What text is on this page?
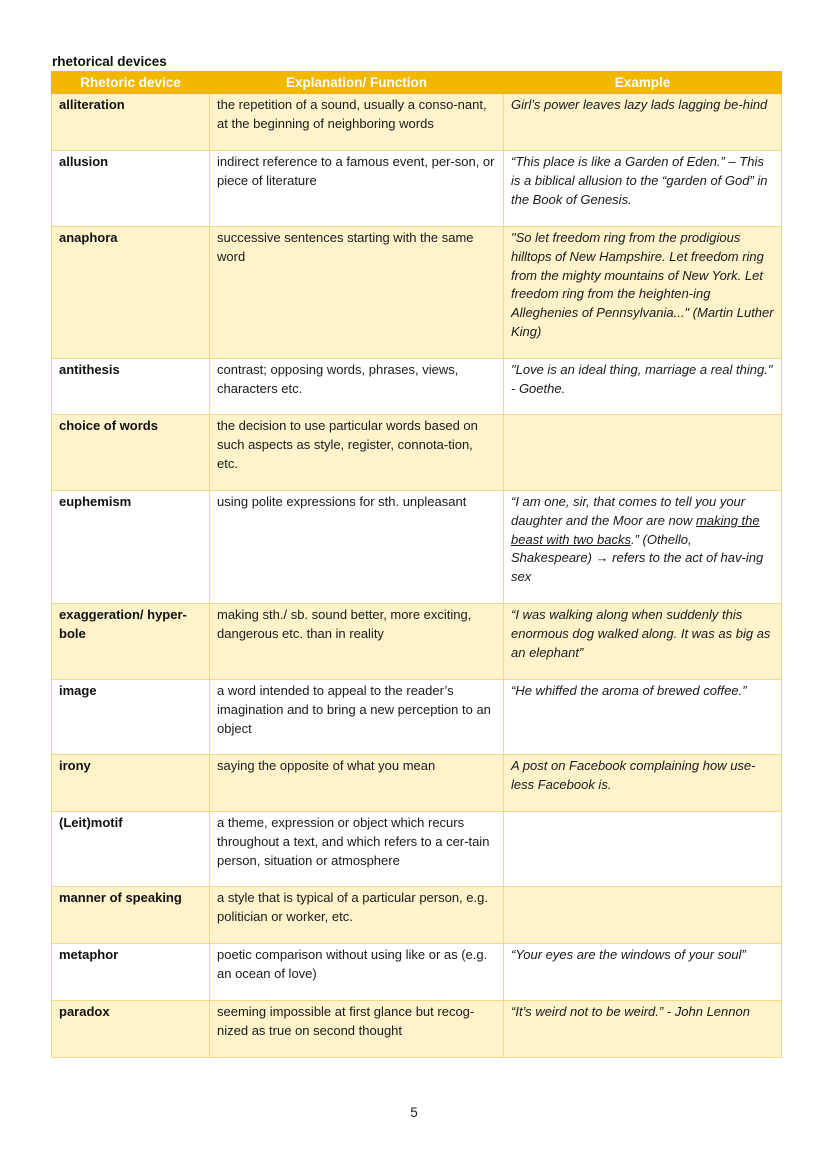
rhetorical devices
Rhetoric device	Explanation/ Function	Example
alliteration	the repetition of a sound, usually a conso-nant, at the beginning of neighboring words	Girl’s power leaves lazy lads lagging be-hind
allusion	indirect reference to a famous event, per-son, or piece of literature	“This place is like a Garden of Eden.” – This is a biblical allusion to the “garden of God” in the Book of Genesis.
anaphora	successive sentences starting with the same word	"So let freedom ring from the prodigious hilltops of New Hampshire. Let freedom ring from the mighty mountains of New York. Let freedom ring from the heighten-ing Alleghenies of Pennsylvania..." (Martin Luther King)
antithesis	contrast; opposing words, phrases, views, characters etc.	"Love is an ideal thing, marriage a real thing." - Goethe.
choice of words	the decision to use particular words based on such aspects as style, register, connota-tion, etc.	
euphemism	using polite expressions for sth. unpleasant	“I am one, sir, that comes to tell you your daughter and the Moor are now making the beast with two backs.” (Othello, Shakespeare) → refers to the act of hav-ing sex
exaggeration/ hyper-bole	making sth./ sb. sound better, more exciting, dangerous etc. than in reality	“I was walking along when suddenly this enormous dog walked along. It was as big as an elephant”
image	a word intended to appeal to the reader’s imagination and to bring a new perception to an object	“He whiffed the aroma of brewed coffee.”
irony	saying the opposite of what you mean	A post on Facebook complaining how use-less Facebook is.
(Leit)motif	a theme, expression or object which recurs throughout a text, and which refers to a cer-tain person, situation or atmosphere	
manner of speaking	a style that is typical of a particular person, e.g. politician or worker, etc.	
metaphor	poetic comparison without using like or as (e.g. an ocean of love)	“Your eyes are the windows of your soul”
paradox	seeming impossible at first glance but recog-nized as true on second thought	“It’s weird not to be weird.” - John Lennon
5
